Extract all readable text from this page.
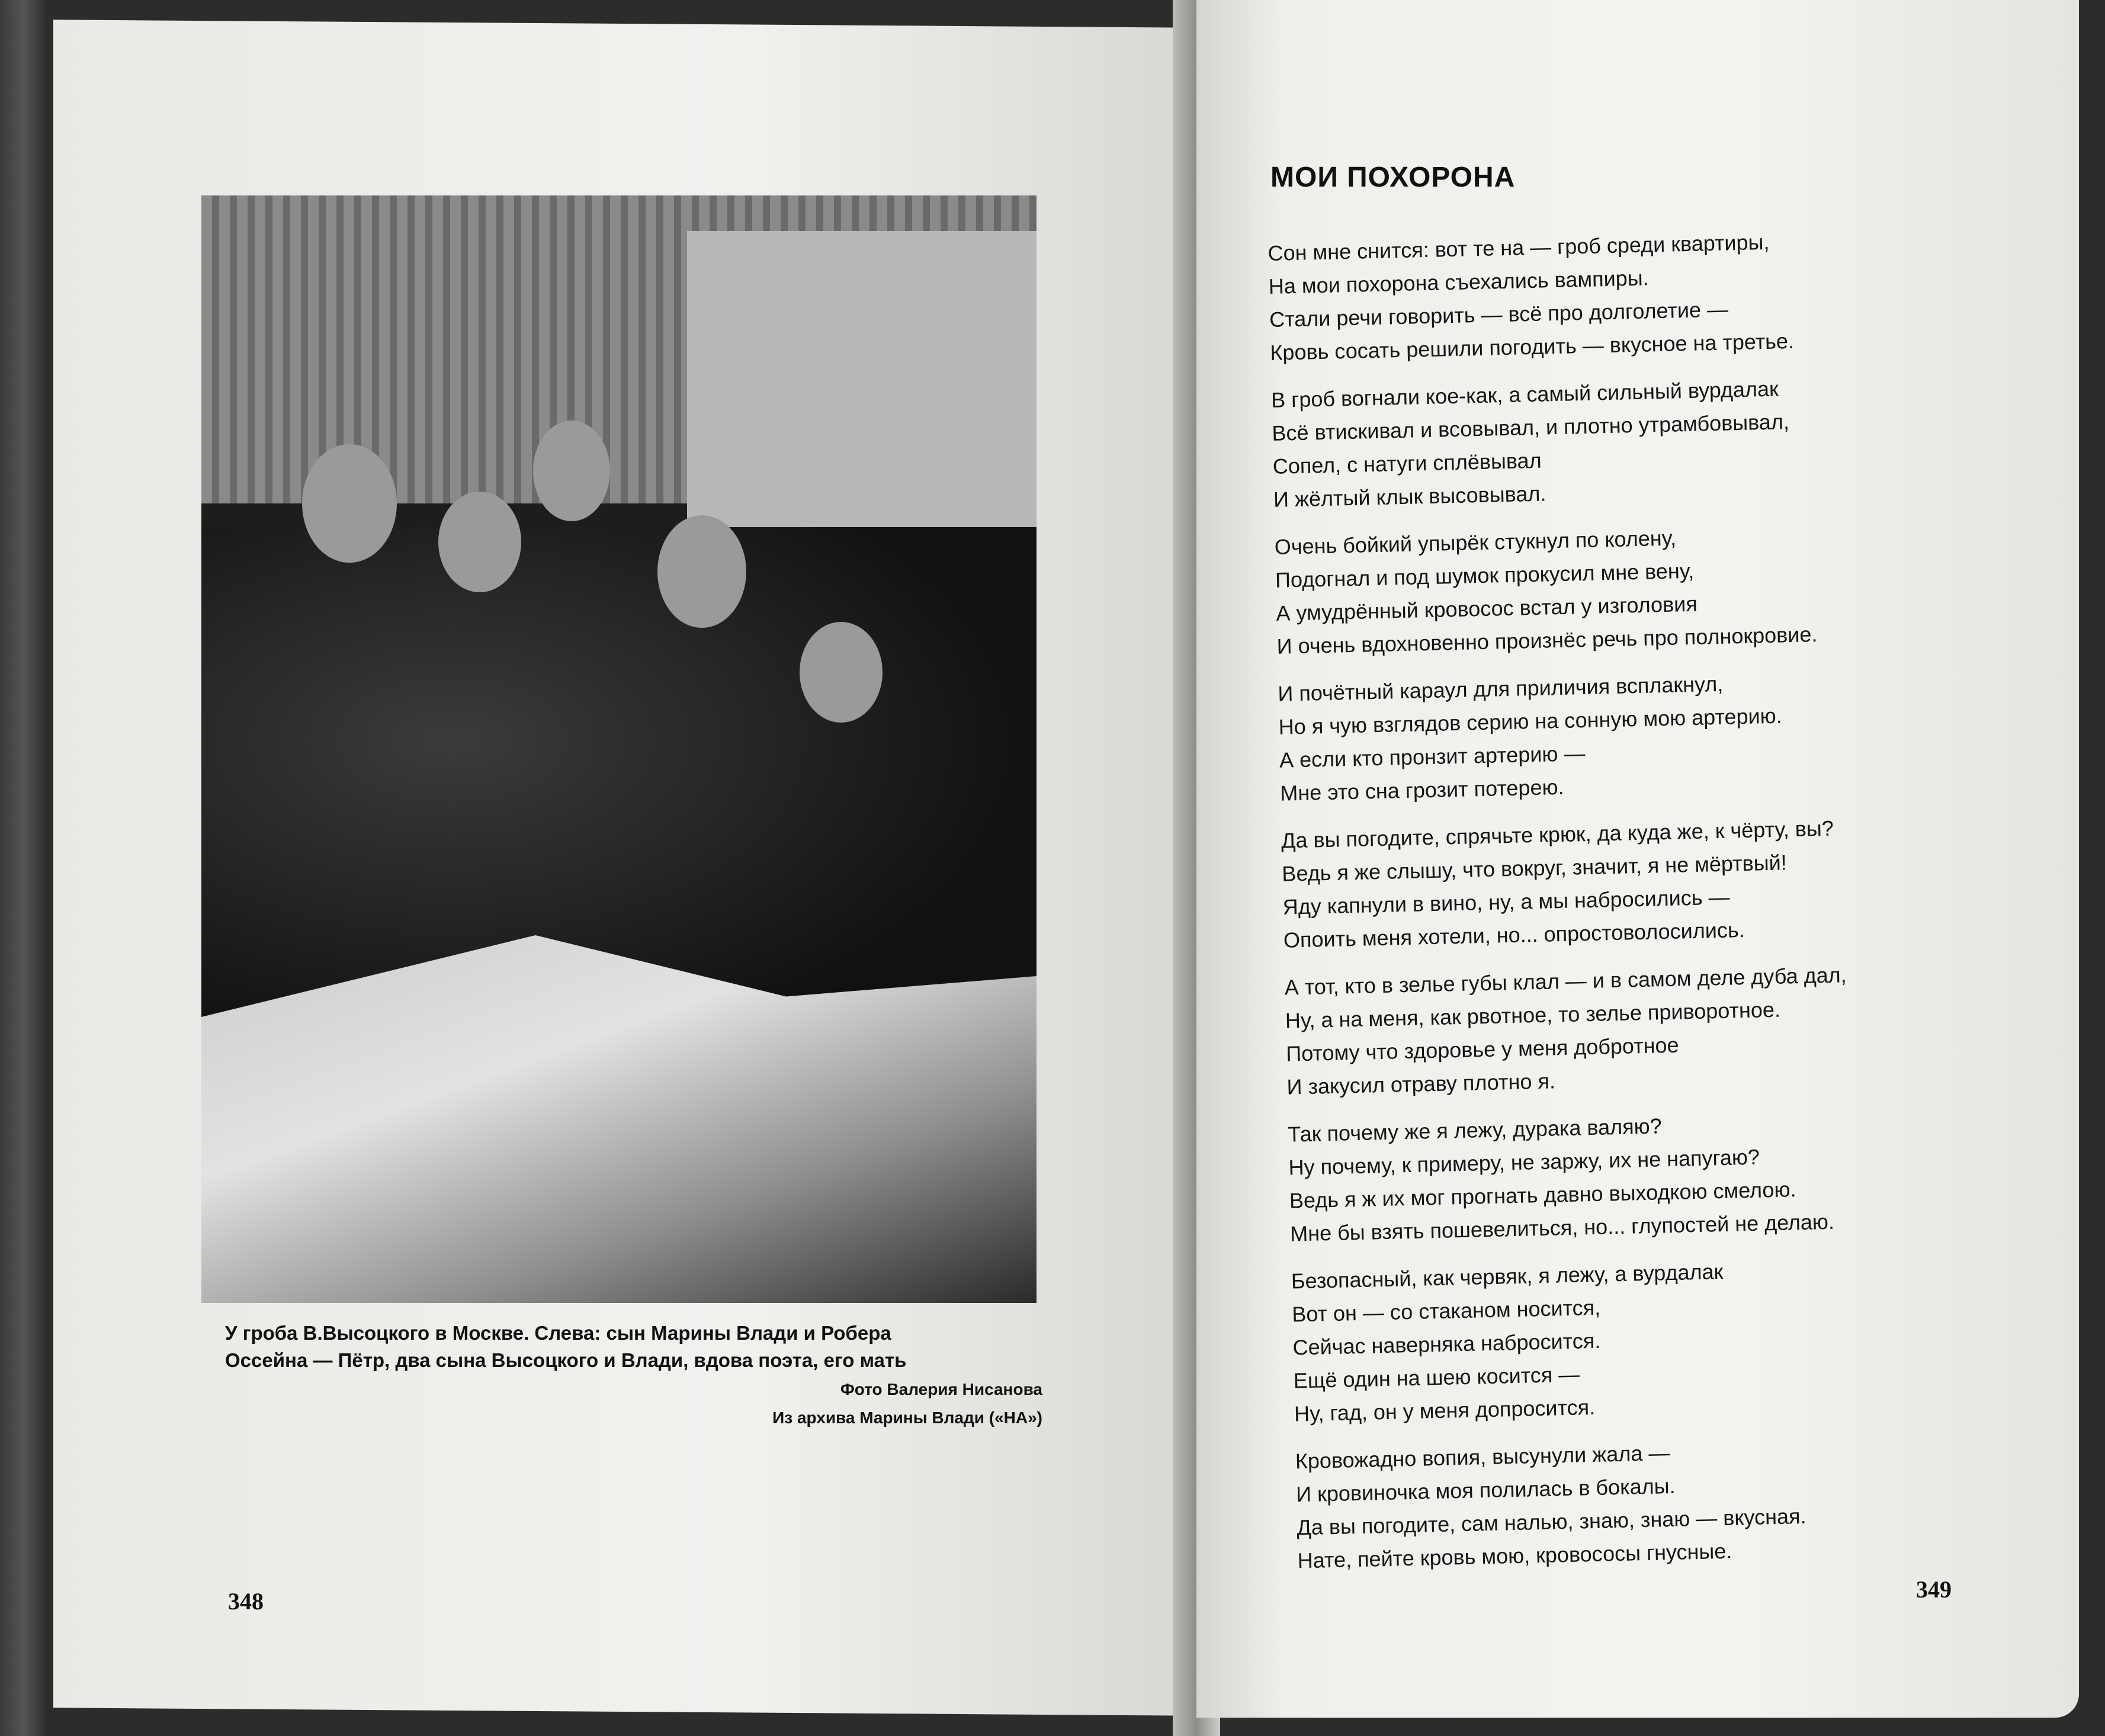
У гроба В.Высоцкого в Москве. Слева: сын Марины Влади и Робера
Оссейна — Пётр, два сына Высоцкого и Влади, вдова поэта, его мать
Фото Валерия Нисанова
Из архива Марины Влади («НА»)
348
МОИ ПОХОРОНА
Сон мне снится: вот те на — гроб среди квартиры,
На мои похорона съехались вампиры.
Стали речи говорить — всё про долголетие —
Кровь сосать решили погодить — вкусное на третье.
В гроб вогнали кое-как, а самый сильный вурдалак
Всё втискивал и всовывал, и плотно утрамбовывал,
Сопел, с натуги сплёвывал
И жёлтый клык высовывал.
Очень бойкий упырёк стукнул по колену,
Подогнал и под шумок прокусил мне вену,
А умудрённый кровосос встал у изголовия
И очень вдохновенно произнёс речь про полнокровие.
И почётный караул для приличия всплакнул,
Но я чую взглядов серию на сонную мою артерию.
А если кто пронзит артерию —
Мне это сна грозит потерею.
Да вы погодите, спрячьте крюк, да куда же, к чёрту, вы?
Ведь я же слышу, что вокруг, значит, я не мёртвый!
Яду капнули в вино, ну, а мы набросились —
Опоить меня хотели, но... опростоволосились.
А тот, кто в зелье губы клал — и в самом деле дуба дал,
Ну, а на меня, как рвотное, то зелье приворотное.
Потому что здоровье у меня добротное
И закусил отраву плотно я.
Так почему же я лежу, дурака валяю?
Ну почему, к примеру, не заржу, их не напугаю?
Ведь я ж их мог прогнать давно выходкою смелою.
Мне бы взять пошевелиться, но... глупостей не делаю.
Безопасный, как червяк, я лежу, а вурдалак
Вот он — со стаканом носится,
Сейчас наверняка набросится.
Ещё один на шею косится —
Ну, гад, он у меня допросится.
Кровожадно вопия, высунули жала —
И кровиночка моя полилась в бокалы.
Да вы погодите, сам налью, знаю, знаю — вкусная.
Нате, пейте кровь мою, кровососы гнусные.
349
